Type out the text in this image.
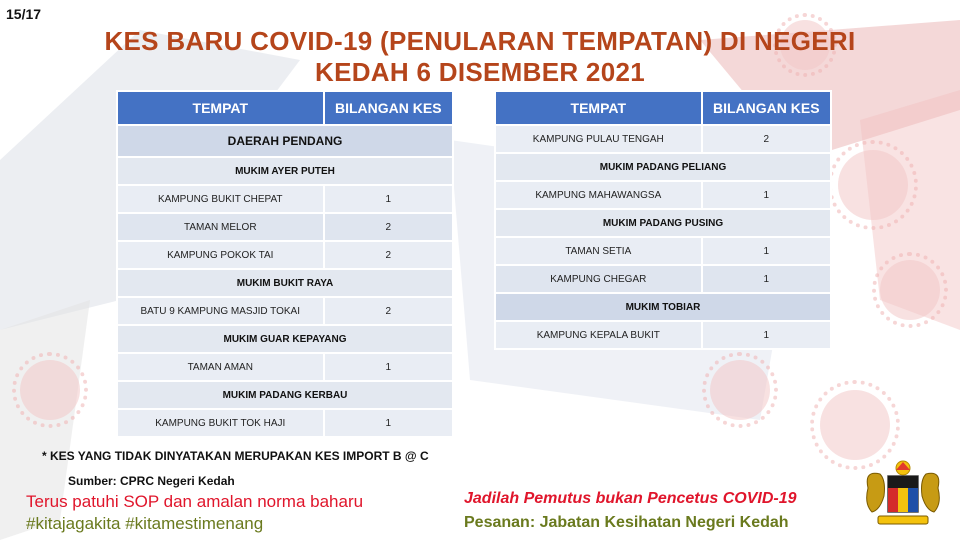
15/17
KES BARU COVID-19 (PENULARAN TEMPATAN) DI NEGERI
KEDAH 6 DISEMBER 2021
TEMPAT	BILANGAN KES
DAERAH PENDANG	
MUKIM AYER PUTEH	
KAMPUNG BUKIT CHEPAT	1
TAMAN MELOR	2
KAMPUNG POKOK TAI	2
MUKIM BUKIT RAYA	
BATU 9 KAMPUNG MASJID TOKAI	2
MUKIM GUAR KEPAYANG	
TAMAN AMAN	1
MUKIM PADANG KERBAU	
KAMPUNG BUKIT TOK HAJI	1
TEMPAT	BILANGAN KES
KAMPUNG PULAU TENGAH	2
MUKIM PADANG PELIANG	
KAMPUNG MAHAWANGSA	1
MUKIM PADANG PUSING	
TAMAN SETIA	1
KAMPUNG CHEGAR	1
MUKIM TOBIAR	
KAMPUNG KEPALA BUKIT	1
* KES YANG TIDAK DINYATAKAN MERUPAKAN KES IMPORT B @ C
Sumber: CPRC Negeri Kedah
Terus patuhi SOP dan amalan norma baharu
#kitajagakita #kitamestimenang
Jadilah Pemutus bukan Pencetus COVID-19
Pesanan: Jabatan Kesihatan Negeri Kedah
